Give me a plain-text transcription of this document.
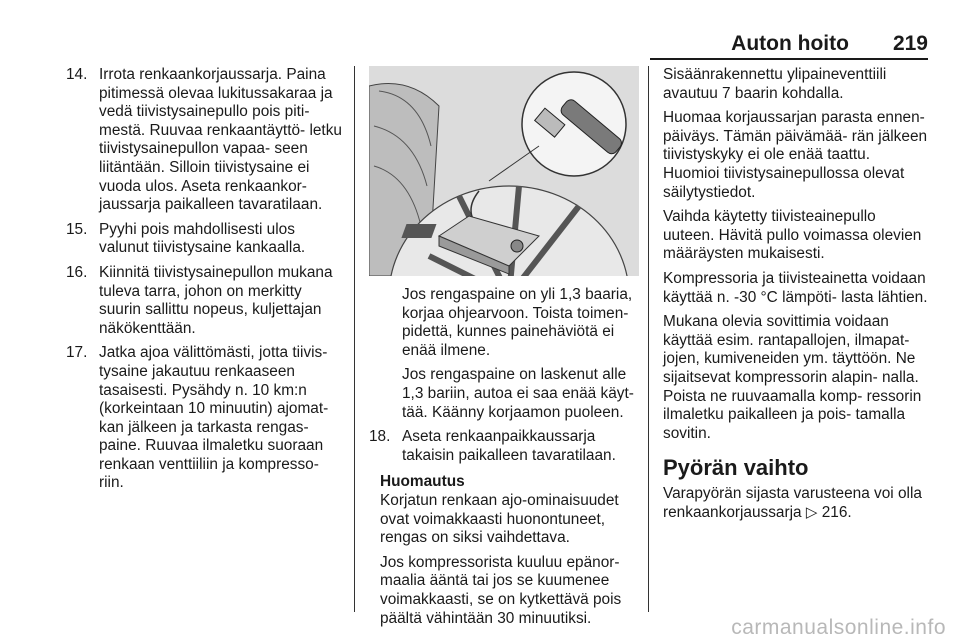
Auton hoito 219
14. Irrota renkaankorjaussarja. Paina pitimessä olevaa lukitussakaraa ja vedä tiivistysainepullo pois piti- mestä. Ruuvaa renkaantäyttö- letku tiivistysainepullon vapaa- seen liitäntään. Silloin tiivistysaine ei vuoda ulos. Aseta renkaankor- jaussarja paikalleen tavaratilaan.
15. Pyyhi pois mahdollisesti ulos valunut tiivistysaine kankaalla.
16. Kiinnitä tiivistysainepullon mukana tuleva tarra, johon on merkitty suurin sallittu nopeus, kuljettajan näkökenttään.
17. Jatka ajoa välittömästi, jotta tiivis- tysaine jakautuu renkaaseen tasaisesti. Pysähdy n. 10 km:n (korkeintaan 10 minuutin) ajomat- kan jälkeen ja tarkasta rengas- paine. Ruuvaa ilmaletku suoraan renkaan venttiiliin ja kompresso- riin.

Jos rengaspaine on yli 1,3 baaria, korjaa ohjearvoon. Toista toimen- pidettä, kunnes painehäviötä ei enää ilmene.

Jos rengaspaine on laskenut alle 1,3 bariin, autoa ei saa enää käyt- tää. Käänny korjaamon puoleen.

18. Aseta renkaanpaikkaussarja takaisin paikalleen tavaratilaan.
Huomautus

Korjatun renkaan ajo-ominaisuudet ovat voimakkaasti huonontuneet, rengas on siksi vaihdettava.

Jos kompressorista kuuluu epänor- maalia ääntä tai jos se kuumenee voimakkaasti, se on kytkettävä pois päältä vähintään 30 minuutiksi.

Sisäänrakennettu ylipaineventtiili avautuu 7 baarin kohdalla.

Huomaa korjaussarjan parasta ennen-päiväys. Tämän päivämää- rän jälkeen tiivistyskyky ei ole enää taattu. Huomioi tiivistysainepullossa olevat säilytystiedot.

Vaihda käytetty tiivisteainepullo uuteen. Hävitä pullo voimassa olevien määräysten mukaisesti.

Kompressoria ja tiivisteainetta voidaan käyttää n. -30 °C lämpöti- lasta lähtien.

Mukana olevia sovittimia voidaan käyttää esim. rantapallojen, ilmapat- jojen, kumiveneiden ym. täyttöön. Ne sijaitsevat kompressorin alapin- nalla. Poista ne ruuvaamalla komp- ressorin ilmaletku paikalleen ja pois- tamalla sovitin.

Pyörän vaihto

Varapyörän sijasta varusteena voi olla renkaankorjaussarja ▷ 216.

carmanualsonline.info
